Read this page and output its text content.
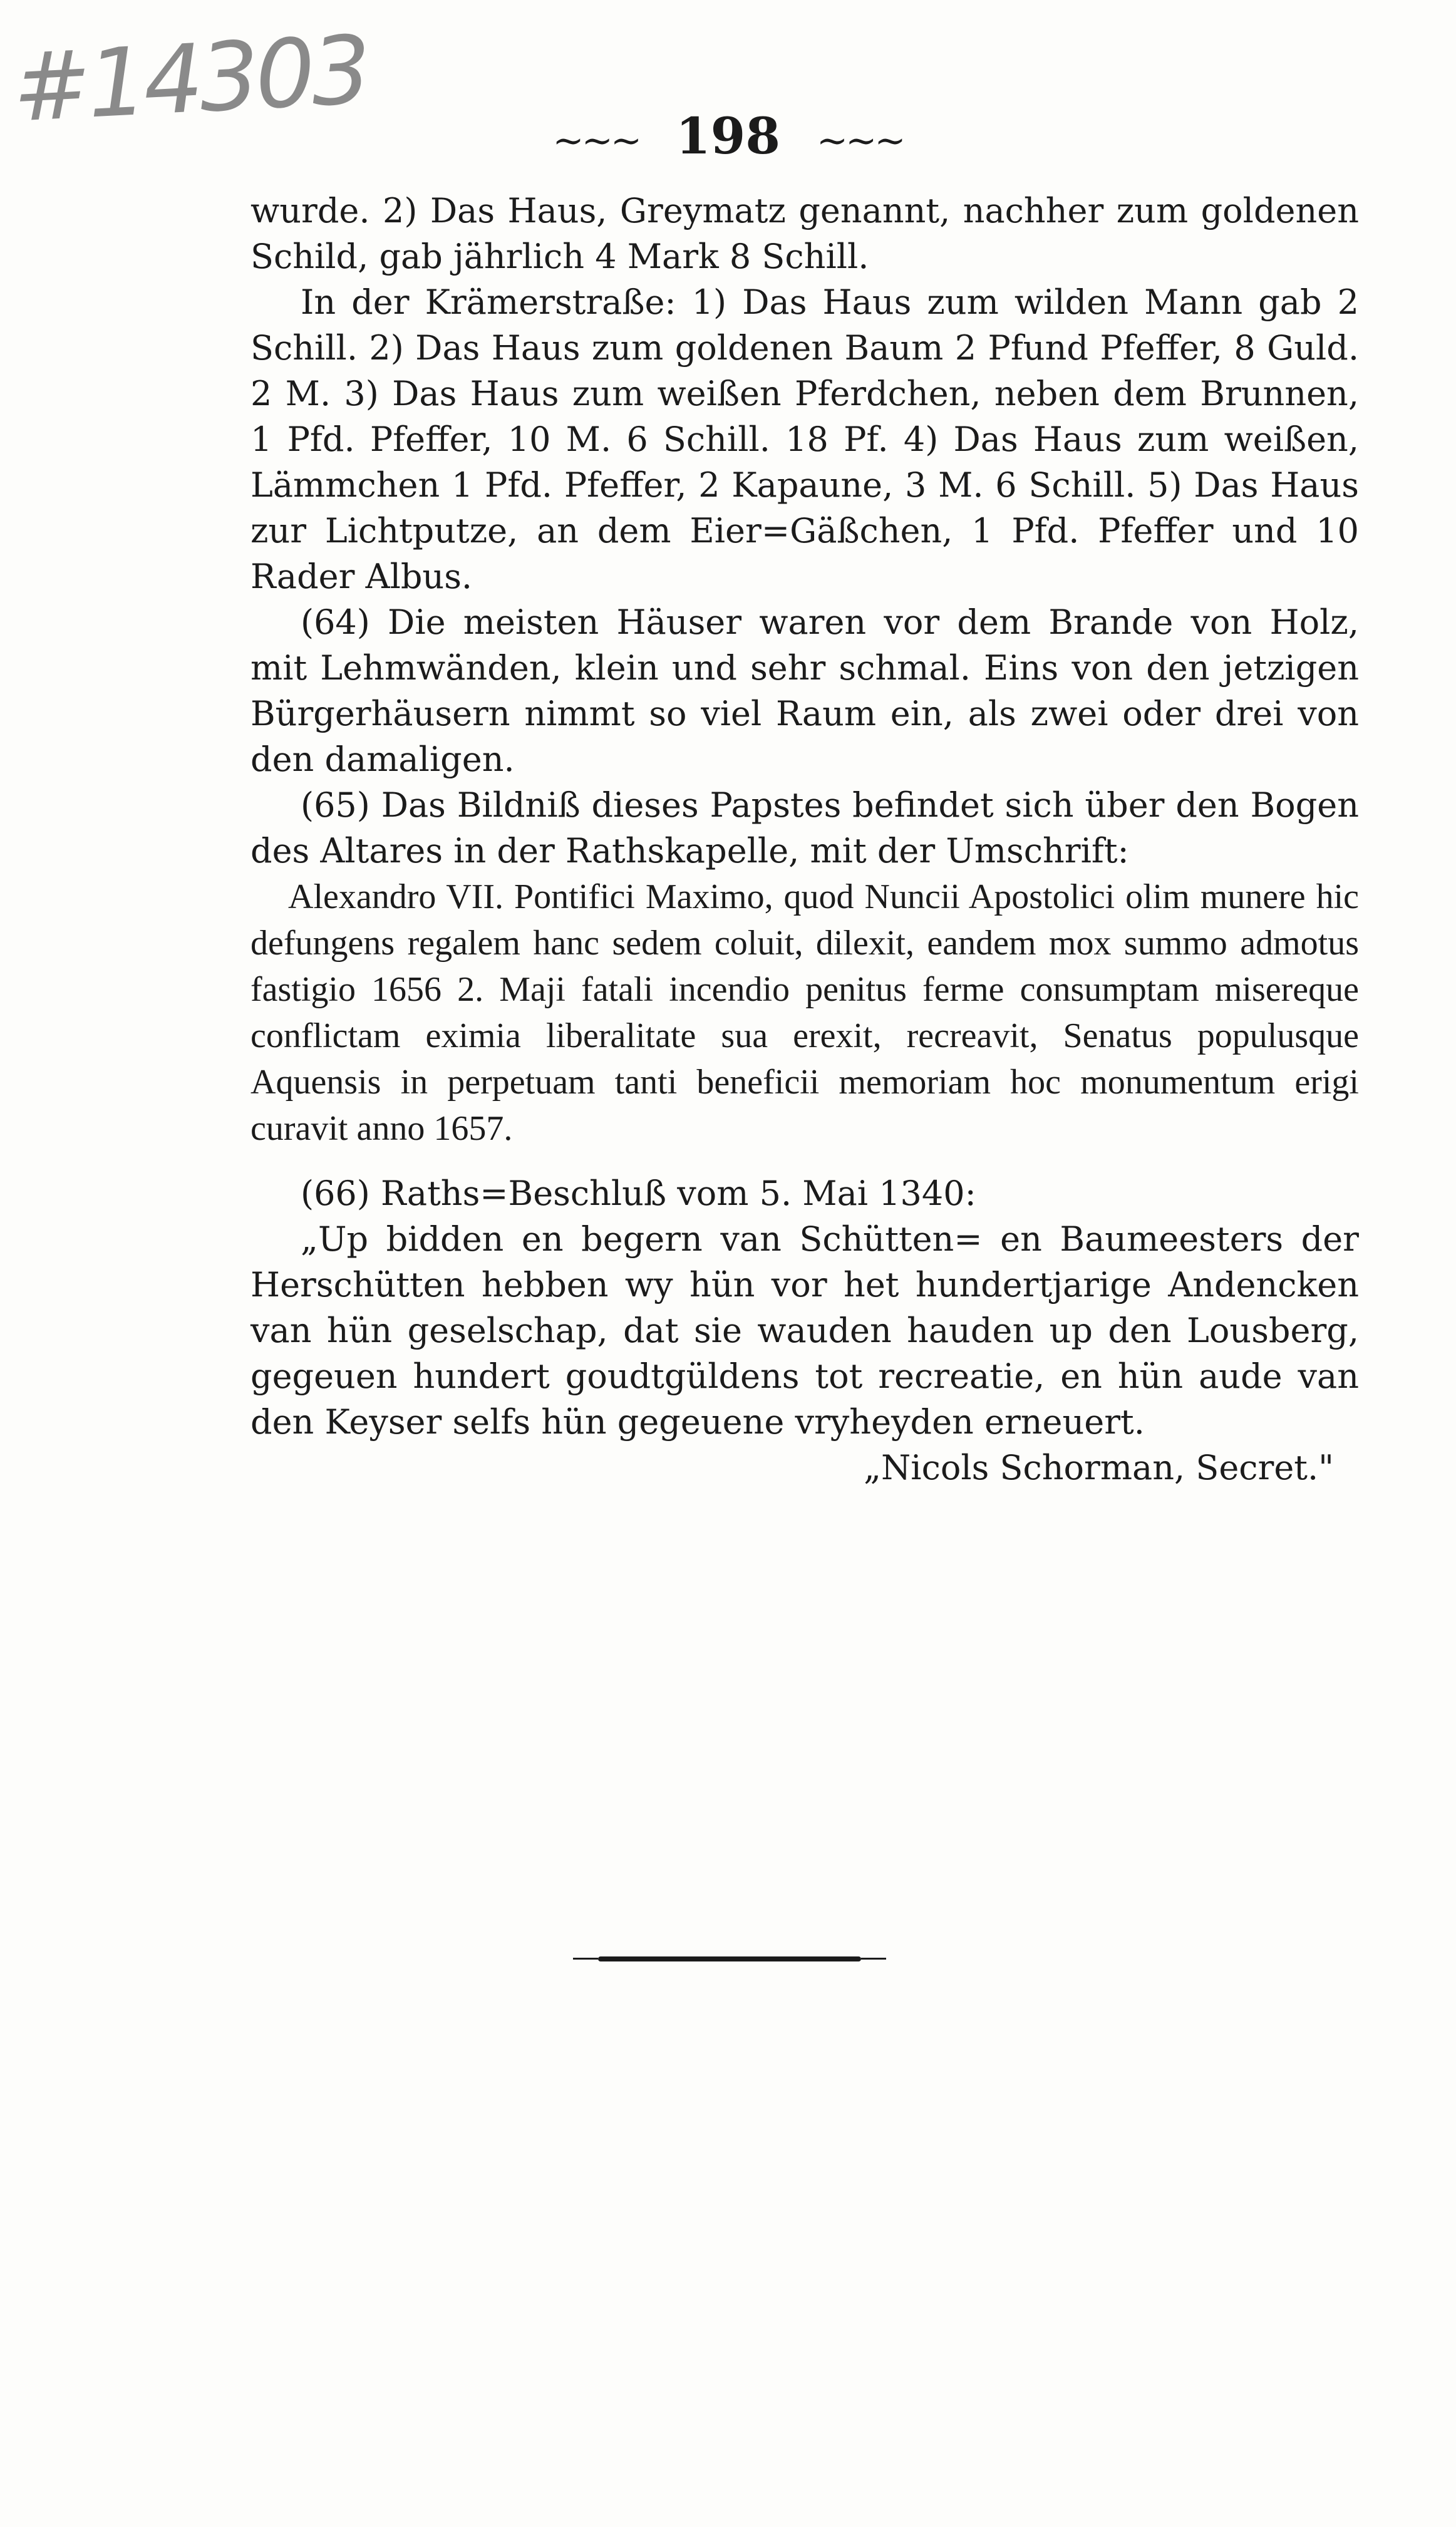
#14303	~~~ 198 ~~~

wurde. 2) Das Haus, Greymatz genannt, nachher zum goldenen Schild, gab jährlich 4 Mark 8 Schill.

In der Krämerstraße: 1) Das Haus zum wilden Mann gab 2 Schill. 2) Das Haus zum goldenen Baum 2 Pfund Pfeffer, 8 Guld. 2 M. 3) Das Haus zum weißen Pferdchen, neben dem Brunnen, 1 Pfd. Pfeffer, 10 M. 6 Schill. 18 Pf. 4) Das Haus zum weißen, Lämmchen 1 Pfd. Pfeffer, 2 Kapaune, 3 M. 6 Schill. 5) Das Haus zur Lichtputze, an dem Eier=Gäßchen, 1 Pfd. Pfeffer und 10 Rader Albus.

(64) Die meisten Häuser waren vor dem Brande von Holz, mit Lehmwänden, klein und sehr schmal. Eins von den jetzigen Bürgerhäusern nimmt so viel Raum ein, als zwei oder drei von den damaligen.

(65) Das Bildniß dieses Papstes befindet sich über den Bogen des Altares in der Rathskapelle, mit der Umschrift:

Alexandro VII. Pontifici Maximo, quod Nuncii Apostolici olim munere hic defungens regalem hanc sedem coluit, dilexit, eandem mox summo admotus fastigio 1656 2. Maji fatali incendio penitus ferme consumptam misereque conflictam eximia liberalitate sua erexit, recreavit, Senatus populusque Aquensis in perpetuam tanti beneficii memoriam hoc monumentum erigi curavit anno 1657.

(66) Raths=Beschluß vom 5. Mai 1340:

„Up bidden en begern van Schütten= en Baumeesters der Herschütten hebben wy hün vor het hundertjarige Andencken van hün geselschap, dat sie wauden hauden up den Lousberg, gegeuen hundert goudtgüldens tot recreatie, en hün aude van den Keyser selfs hün gegeuene vryheyden erneuert.

„Nicols Schorman, Secret."
